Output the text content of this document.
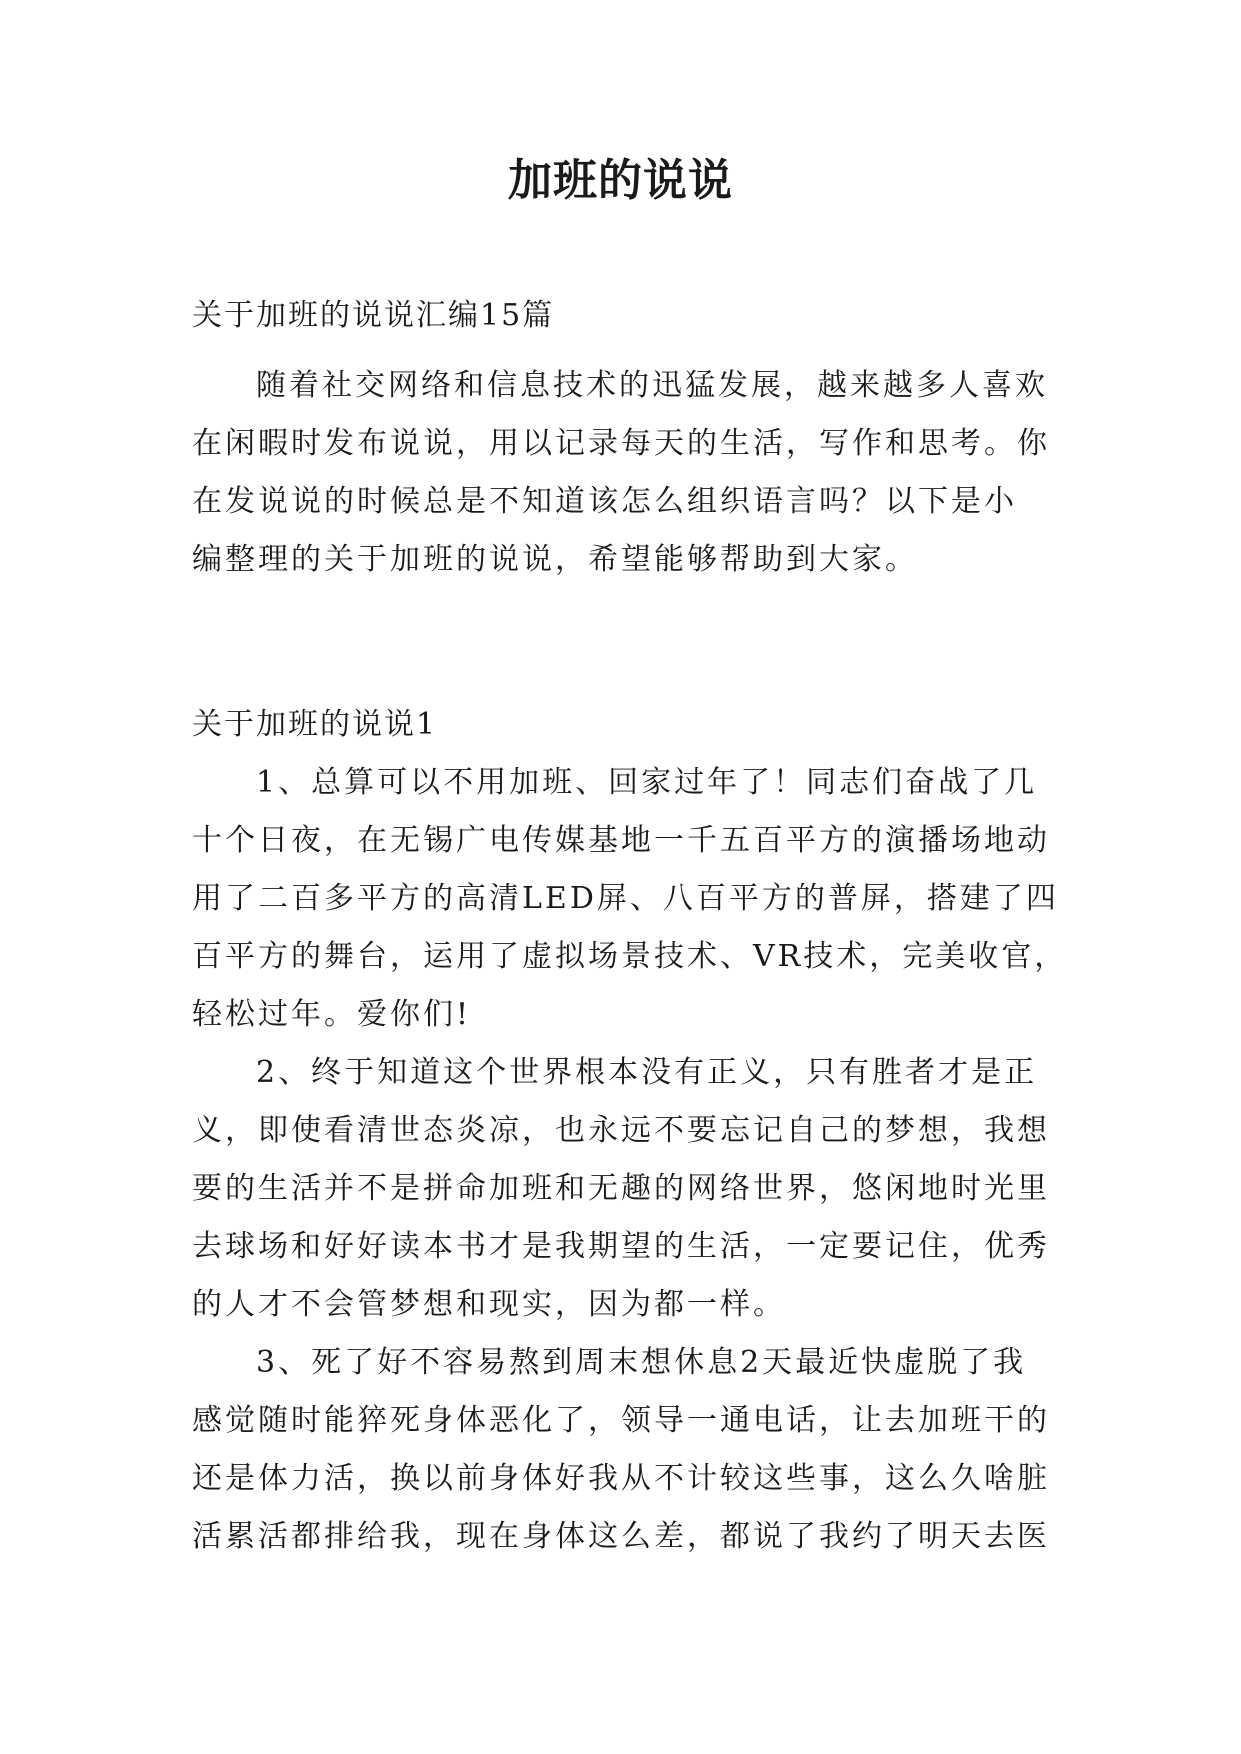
加班的说说
关于加班的说说汇编15篇
随着社交网络和信息技术的迅猛发展，越来越多人喜欢
在闲暇时发布说说，用以记录每天的生活，写作和思考。你
在发说说的时候总是不知道该怎么组织语言吗？以下是小
编整理的关于加班的说说，希望能够帮助到大家。
关于加班的说说1
1、总算可以不用加班、回家过年了！同志们奋战了几
十个日夜，在无锡广电传媒基地一千五百平方的演播场地动
用了二百多平方的高清LED屏、八百平方的普屏，搭建了四
百平方的舞台，运用了虚拟场景技术、VR技术，完美收官，
轻松过年。爱你们!
2、终于知道这个世界根本没有正义，只有胜者才是正
义，即使看清世态炎凉，也永远不要忘记自己的梦想，我想
要的生活并不是拼命加班和无趣的网络世界，悠闲地时光里
去球场和好好读本书才是我期望的生活，一定要记住，优秀
的人才不会管梦想和现实，因为都一样。
3、死了好不容易熬到周末想休息2天最近快虚脱了我
感觉随时能猝死身体恶化了，领导一通电话，让去加班干的
还是体力活，换以前身体好我从不计较这些事，这么久啥脏
活累活都排给我，现在身体这么差，都说了我约了明天去医
